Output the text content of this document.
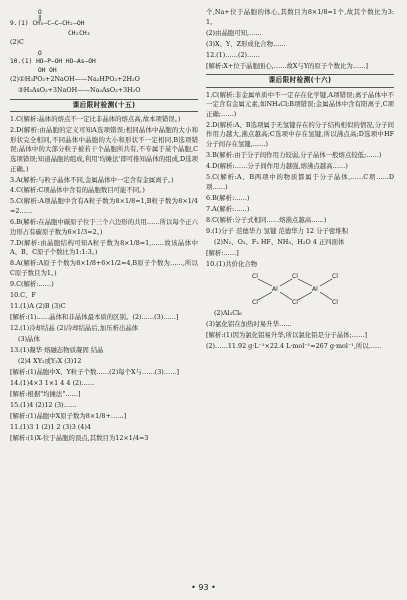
O
‖
9.(1) CH₃—C—C—CH₂—OH
CH₂CH₃

(2)C

O
10.(1) HO—P—OH HO—As—OH
OH OH

(2)①H₃PO₃+2NaOH——Na₂HPO₃+2H₂O

②H₃AsO₃+3NaOH——Na₃AsO₃+3H₂O

课后限时检测(十五)

1.C(解析:晶体的熔点不一定比非晶体的熔点高,故本项错误。)

2.D(解析:由晶胞的定义可知A选项错误;相同晶体中晶胞的大小和形状完全相同,不同晶体中晶胞的大小和形状不一定相同,B选项错误;晶体中的大部分粒子被若干个晶胞所共有,不专属于某个晶胞,C选项错误;知道晶胞的组成,利用'均摊法'即可推知晶体的组成,D选项正确。)

3.A(解析:与粒子晶体不同,金属晶体中一定含有金属离子。)

4.C(解析:C项晶体中含有的晶胞数目可能不同。)

5.C(解析:A项晶胞中含有A粒子数为8×1/8=1,B粒子数为8×1/4=2……

6.B(解析:在晶胞中碳原子位于三个六边形的共用……所以每个正六边形占有碳原子数为6×1/3=2。)

7.D(解析:由晶胞结构可知A粒子数为8×1/8=1,……故该晶体中A、B、C原子个数比为1:1:3。)

8.A(解析:A原子个数为8×1/8+6×1/2=4,B原子个数为……,所以C原子数目为1。)

9.C(解析:……)

10.C、F

11.(1)A (2)B (3)C

[解析:(1)……晶体和非晶体最本质的区别。(2)……(3)……]

12.(1)冷却结晶 (2)冷却结晶后,加压析出晶体

(3)晶体

13.(1)凝华 熔融态物质凝固 结晶

(2)4 XY₂或Y₂X (3)12

[解析:(1)晶胞中X、Y粒子个数……(2)每个X与……(3)……]

14.(1)4×3 1×1 4 4 (2)……

[解析:根据"均摊法"……]

15.(1)4 (2)12 (3)……

[解析:(1)晶胞中X原子数为8×1/8+……]

11.(1)3 1 (2)1 2 (3)3 (4)4

[解析:(1)X-位于晶胞的顶点,其数目为12×1/4=3

个,Na+位于晶胞的体心,其数目为8×1/8=1个,故其个数比为3:1。

(2)由晶胞可知,……

(3)X、Y、Z形成化合物……

12.(1)……(2)……

[解析:X+位于晶胞面心,……故X与Y的原子个数比为……]

课后限时检测(十六)

1.C(解析:非金属单质中不一定存在化学键,A项错误;离子晶体中不一定含有金属元素,如NH₄Cl;B项错误;金属晶体中含有阳离子,C项正确;……)

2.D(解析:A、B选项属于无氢键存在的分子结构相似的情况,分子间作用力越大,沸点越高;C选项中存在氢键,所以沸点高;D选项中HF分子间存在氢键,……)

3.B(解析:由于分子间作用力较弱,分子晶体一般熔点较低;……)

4.D(解析:……分子间作用力越强,熔沸点越高……)

5.C(解析:A、B两项中的物质都属于分子晶体,……C项……D项……)

6.B(解析:……)

7.A(解析:……)

8.C(解析:分子式相同……熔沸点越高……)

9.(1)分子 范德华力 氢键 范德华力 12 分子密堆积

(2)N₂、O₂、F₂ HF、NH₃、H₂O 4 正四面体

[解析:……]

10.(1)共价化合物

Cl	Cl	Cl
Al	Al
Cl	Cl	Cl

(2)Al₂Cl₆

(3)氯化铝在加热时易升华……

[解析:(1)因为氯化铝易升华,所以氯化铝是分子晶体;……]

(2)……11.92 g·L⁻¹×22.4 L·mol⁻¹=267 g·mol⁻¹,所以……

• 93 •
